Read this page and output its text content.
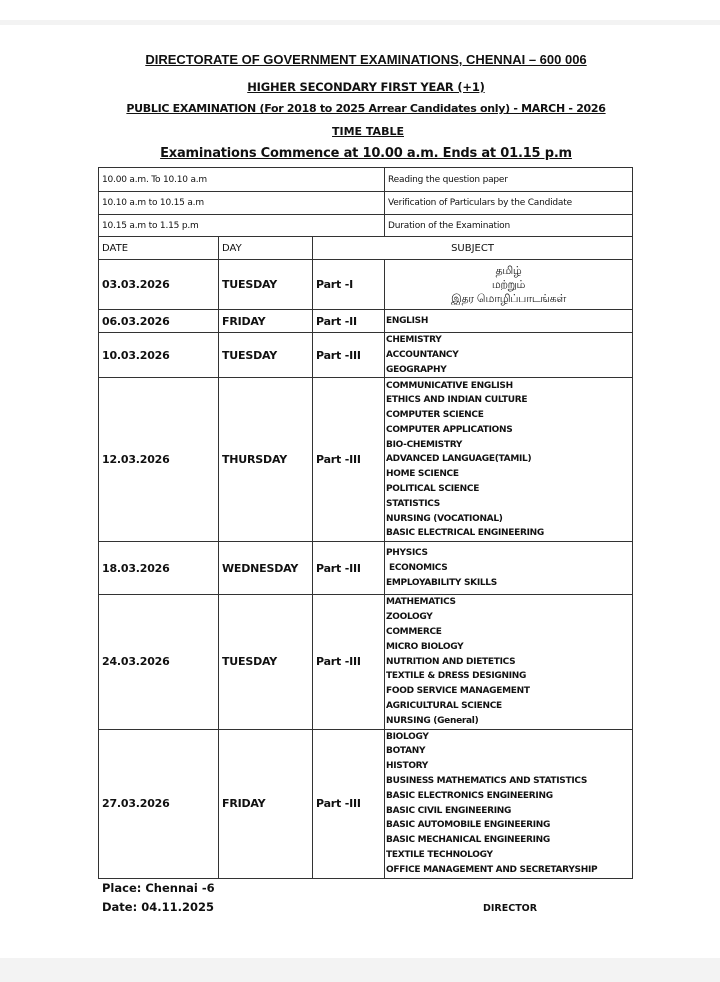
DIRECTORATE OF GOVERNMENT EXAMINATIONS, CHENNAI – 600 006
HIGHER SECONDARY FIRST YEAR (+1)
PUBLIC EXAMINATION (For 2018 to 2025 Arrear Candidates only) - MARCH - 2026
TIME TABLE
Examinations Commence at 10.00 a.m. Ends at 01.15 p.m
10.00 a.m. To 10.10 a.m			Reading the question paper
10.10 a.m to 10.15 a.m			Verification of Particulars by the Candidate
10.15 a.m to 1.15 p.m			Duration of the Examination
DATE	DAY	SUBJECT	
03.03.2026	TUESDAY	Part -I	தமிழ்
மற்றும்
இதர மொழிப்பாடங்கள்

06.03.2026	FRIDAY	Part -II	ENGLISH

10.03.2026	TUESDAY	Part -III	CHEMISTRY
ACCOUNTANCY
GEOGRAPHY

12.03.2026	THURSDAY	Part -III	
COMMUNICATIVE ENGLISH
ETHICS AND INDIAN CULTURE
COMPUTER SCIENCE
COMPUTER APPLICATIONS
BIO-CHEMISTRY
ADVANCED LANGUAGE(TAMIL)
HOME SCIENCE
POLITICAL SCIENCE
STATISTICS
NURSING (VOCATIONAL)
BASIC ELECTRICAL ENGINEERING

18.03.2026	WEDNESDAY	Part -III	PHYSICS
ECONOMICS
EMPLOYABILITY SKILLS

24.03.2026	TUESDAY	Part -III	
MATHEMATICS
ZOOLOGY
COMMERCE
MICRO BIOLOGY
NUTRITION AND DIETETICS
TEXTILE & DRESS DESIGNING
FOOD SERVICE MANAGEMENT
AGRICULTURAL SCIENCE
NURSING (General)

27.03.2026	FRIDAY	Part -III	
BIOLOGY
BOTANY
HISTORY
BUSINESS MATHEMATICS AND STATISTICS
BASIC ELECTRONICS ENGINEERING
BASIC CIVIL ENGINEERING
BASIC AUTOMOBILE ENGINEERING
BASIC MECHANICAL ENGINEERING
TEXTILE TECHNOLOGY
OFFICE MANAGEMENT AND SECRETARYSHIP
Place: Chennai -6
Date: 04.11.2025	DIRECTOR
